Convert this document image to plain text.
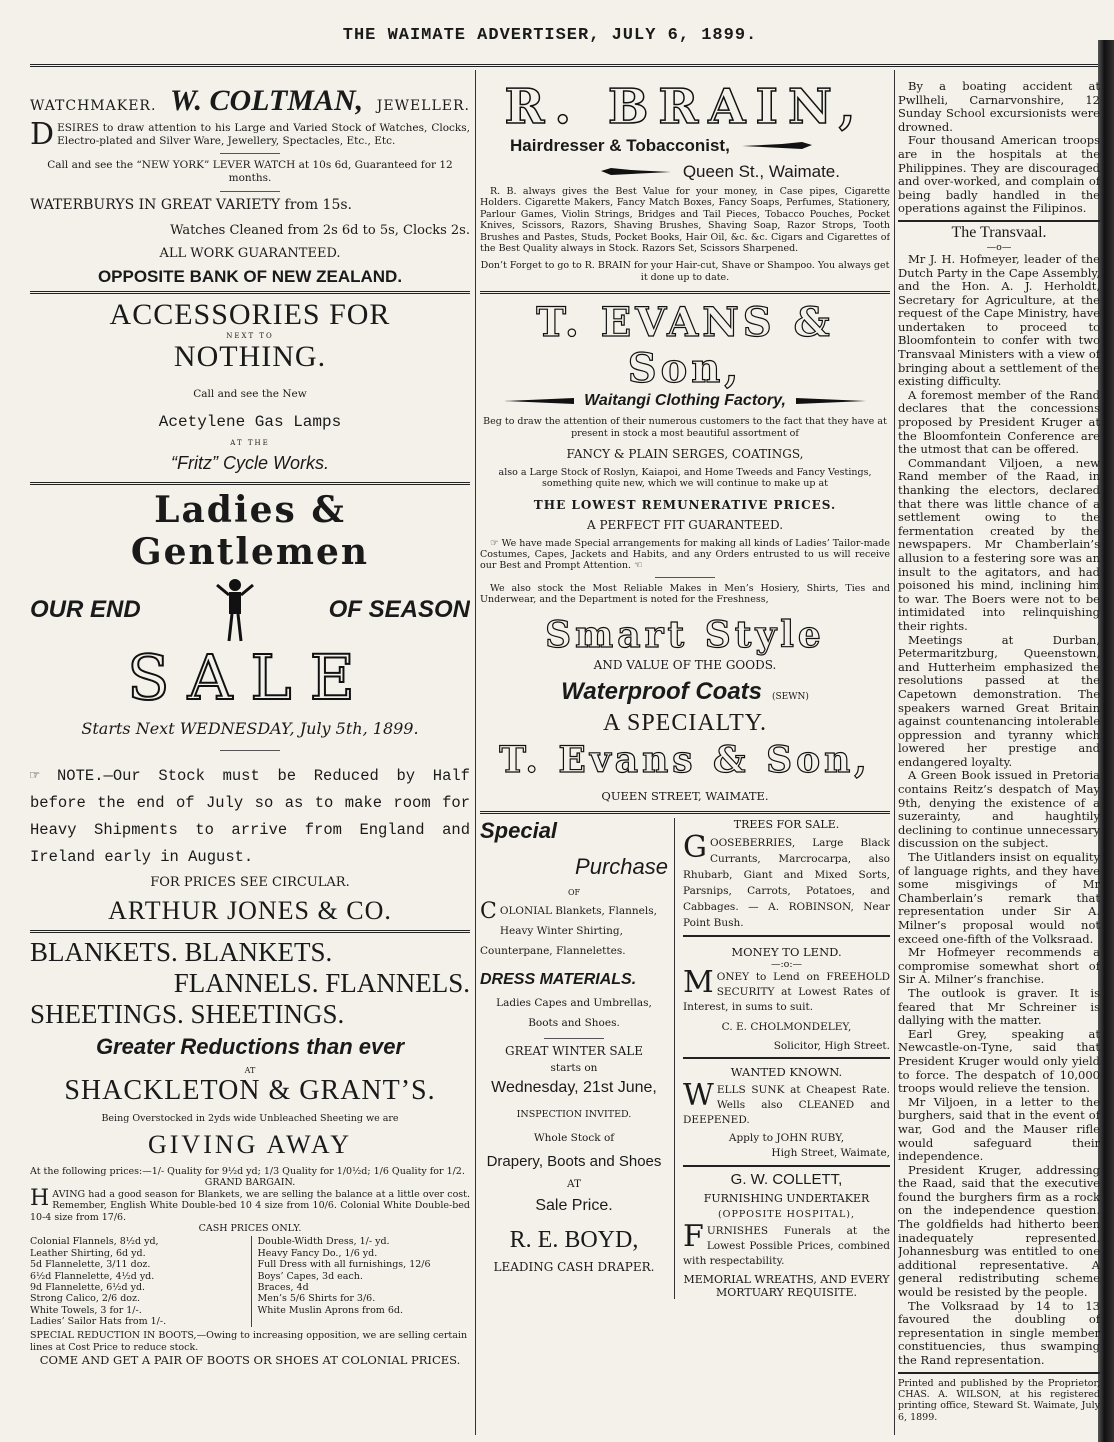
THE WAIMATE ADVERTISER, JULY 6, 1899.
WATCHMAKER. W. COLTMAN, JEWELLER.
DESIRES to draw attention to his Large and Varied Stock of Watches, Clocks, Electro-plated and Silver Ware, Jewellery, Spectacles, Etc., Etc.
Call and see the “NEW YORK” LEVER WATCH at 10s 6d, Guaranteed for 12 months.
WATERBURYS IN GREAT VARIETY from 15s.
Watches Cleaned from 2s 6d to 5s, Clocks 2s.
ALL WORK GUARANTEED.
OPPOSITE BANK OF NEW ZEALAND.
ACCESSORIES FOR
NEXT TO
NOTHING.
Call and see the New
Acetylene Gas Lamps
AT THE
“Fritz” Cycle Works.
Ladies & Gentlemen
OUR END	OF SEASON
SALE
Starts Next WEDNESDAY, July 5th, 1899.
☞ NOTE.—Our Stock must be Reduced by Half before the end of July so as to make room for Heavy Shipments to arrive from England and Ireland early in August.
FOR PRICES SEE CIRCULAR.
ARTHUR JONES & CO.
BLANKETS. BLANKETS.
FLANNELS. FLANNELS.
SHEETINGS. SHEETINGS.
Greater Reductions than ever
AT
SHACKLETON & GRANT’S.
Being Overstocked in 2yds wide Unbleached Sheeting we are
GIVING AWAY
At the following prices:—1/- Quality for 9½d yd; 1/3 Quality for 1/0½d; 1/6 Quality for 1/2.
GRAND BARGAIN.
HAVING had a good season for Blankets, we are selling the balance at a little over cost. Remember, English White Double-bed 10 4 size from 10/6. Colonial White Double-bed 10-4 size from 17/6.
CASH PRICES ONLY.
Colonial Flannels, 8½d yd,
Leather Shirting, 6d yd.
5d Flannelette, 3/11 doz.
6½d Flannelette, 4½d yd.
9d Flannelette, 6½d yd.
Strong Calico, 2/6 doz.
White Towels, 3 for 1/-.
Ladies’ Sailor Hats from 1/-.
Double-Width Dress, 1/- yd.
Heavy Fancy Do., 1/6 yd.
Full Dress with all furnishings, 12/6
Boys’ Capes, 3d each.
Braces, 4d
Men’s 5/6 Shirts for 3/6.
White Muslin Aprons from 6d.
SPECIAL REDUCTION IN BOOTS,—Owing to increasing opposition, we are selling certain lines at Cost Price to reduce stock.
COME AND GET A PAIR OF BOOTS OR SHOES AT COLONIAL PRICES.
R. BRAIN,
Hairdresser & Tobacconist,
Queen St., Waimate.
R. B. always gives the Best Value for your money, in Case pipes, Cigarette Holders. Cigarette Makers, Fancy Match Boxes, Fancy Soaps, Perfumes, Stationery, Parlour Games, Violin Strings, Bridges and Tail Pieces, Tobacco Pouches, Pocket Knives, Scissors, Razors, Shaving Brushes, Shaving Soap, Razor Strops, Tooth Brushes and Pastes, Studs, Pocket Books, Hair Oil, &c. &c. Cigars and Cigarettes of the Best Quality always in Stock. Razors Set, Scissors Sharpened.
Don’t Forget to go to R. BRAIN for your Hair-cut, Shave or Shampoo. You always get it done up to date.
T. EVANS & Son,
Waitangi Clothing Factory,
Beg to draw the attention of their numerous customers to the fact that they have at present in stock a most beautiful assortment of
FANCY & PLAIN SERGES, COATINGS,
also a Large Stock of Roslyn, Kaiapoi, and Home Tweeds and Fancy Vestings, something quite new, which we will continue to make up at
THE LOWEST REMUNERATIVE PRICES.
A PERFECT FIT GUARANTEED.
☞ We have made Special arrangements for making all kinds of Ladies’ Tailor-made Costumes, Capes, Jackets and Habits, and any Orders entrusted to us will receive our Best and Prompt Attention. ☜
We also stock the Most Reliable Makes in Men’s Hosiery, Shirts, Ties and Underwear, and the Department is noted for the Freshness,
Smart Style
AND VALUE OF THE GOODS.
Waterproof Coats (SEWN)
A SPECIALTY.
T. Evans & Son,
QUEEN STREET, WAIMATE.
Special
Purchase
OF
COLONIAL Blankets, Flannels, Heavy Winter Shirting, Counterpane, Flannelettes.
DRESS MATERIALS.
Ladies Capes and Umbrellas, Boots and Shoes.
GREAT WINTER SALE
starts on
Wednesday, 21st June,
INSPECTION INVITED.
Whole Stock of
Drapery, Boots and Shoes
AT
Sale Price.
R. E. BOYD,
LEADING CASH DRAPER.
TREES FOR SALE.
GOOSEBERRIES, Large Black Currants, Marcrocarpa, also Rhubarb, Giant and Mixed Sorts, Parsnips, Carrots, Potatoes, and Cabbages. — A. ROBINSON, Near Point Bush.
MONEY TO LEND.
—:o:—
MONEY to Lend on FREEHOLD SECURITY at Lowest Rates of Interest, in sums to suit.
C. E. CHOLMONDELEY,
Solicitor, High Street.
WANTED KNOWN.
WELLS SUNK at Cheapest Rate. Wells also CLEANED and DEEPENED.
Apply to JOHN RUBY,
High Street, Waimate,
G. W. COLLETT,
FURNISHING UNDERTAKER
(OPPOSITE HOSPITAL),
FURNISHES Funerals at the Lowest Possible Prices, combined with respectability.
MEMORIAL WREATHS, AND EVERY MORTUARY REQUISITE.

By a boating accident at Pwllheli, Carnarvonshire, 12 Sunday School excursionists were drowned.

Four thousand American troops are in the hospitals at the Philippines. They are discouraged and over-worked, and complain of being badly handled in the operations against the Filipinos.

The Transvaal.
—o—

Mr J. H. Hofmeyer, leader of the Dutch Party in the Cape Assembly, and the Hon. A. J. Herholdt, Secretary for Agriculture, at the request of the Cape Ministry, have undertaken to proceed to Bloomfontein to confer with two Transvaal Ministers with a view of bringing about a settlement of the existing difficulty.

A foremost member of the Rand declares that the concessions proposed by President Kruger at the Bloomfontein Conference are the utmost that can be offered.

Commandant Viljoen, a new Rand member of the Raad, in thanking the electors, declared that there was little chance of a settlement owing to the fermentation created by the newspapers. Mr Chamberlain’s allusion to a festering sore was an insult to the agitators, and had poisoned his mind, inclining him to war. The Boers were not to be intimidated into relinquishing their rights.

Meetings at Durban, Petermaritzburg, Queenstown, and Hutterheim emphasized the resolutions passed at the Capetown demonstration. The speakers warned Great Britain against countenancing intolerable oppression and tyranny which lowered her prestige and endangered loyalty.

A Green Book issued in Pretoria contains Reitz’s despatch of May 9th, denying the existence of a suzerainty, and haughtily declining to continue unnecessary discussion on the subject.

The Uitlanders insist on equality of language rights, and they have some misgivings of Mr Chamberlain’s remark that representation under Sir A. Milner’s proposal would not exceed one-fifth of the Volksraad.

Mr Hofmeyer recommends a compromise somewhat short of Sir A. Milner’s franchise.

The outlook is graver. It is feared that Mr Schreiner is dallying with the matter.

Earl Grey, speaking at Newcastle-on-Tyne, said that President Kruger would only yield to force. The despatch of 10,000 troops would relieve the tension.

Mr Viljoen, in a letter to the burghers, said that in the event of war, God and the Mauser rifle would safeguard their independence.

President Kruger, addressing the Raad, said that the executive found the burghers firm as a rock on the independence question. The goldfields had hitherto been inadequately represented. Johannesburg was entitled to one additional representative. A general redistributing scheme would be resisted by the people.

The Volksraad by 14 to 13 favoured the doubling of representation in single member constituencies, thus swamping the Rand representation.

Printed and published by the Proprietor, CHAS. A. WILSON, at his registered printing office, Steward St. Waimate, July 6, 1899.
